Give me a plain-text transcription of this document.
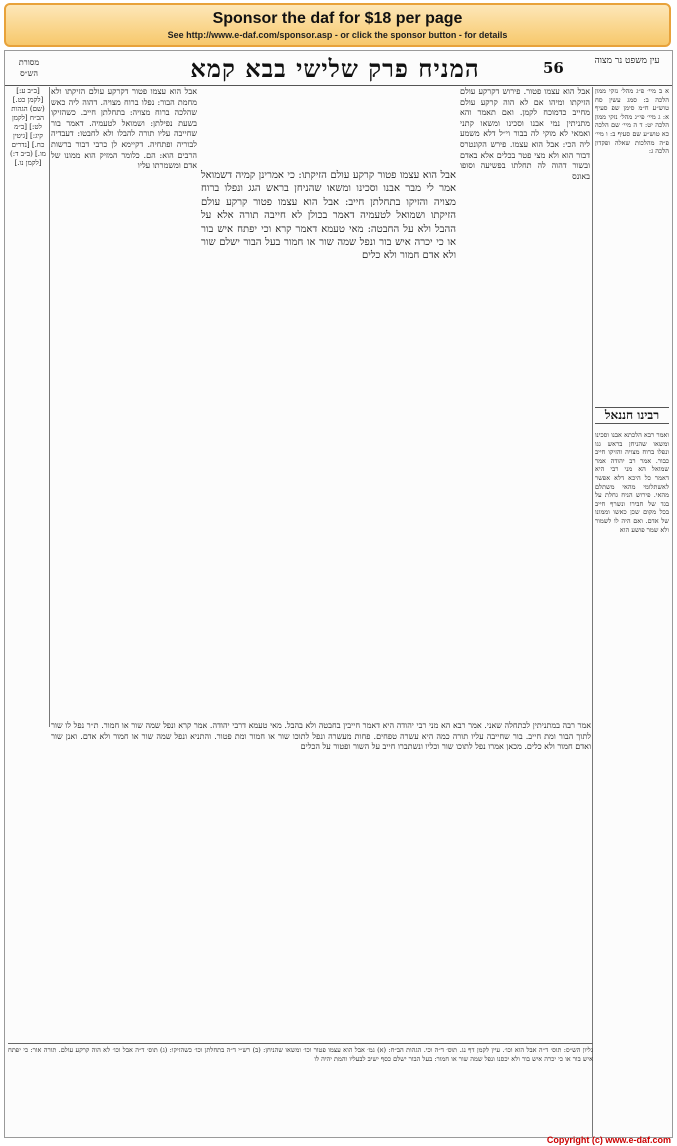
Sponsor the daf for $18 per page
See http://www.e-daf.com/sponsor.asp - or click the sponsor button - for details
מסורת הש״ס	המניח פרק שלישי בבא קמא	56	עין משפט נר מצוה
[ב״ב ע:] [לקמן כט.] (שם) הגהות הב״ח [לקמן לט:] [ב״מ קיג:] [גיטין כח.] [נדרים מו.] (ב״ב ד:) [לקמן נו.]
אבל הוא עצמו פטור דקרקע עולם הזיקתו ולא מחמת הבור: נפלו ברוח מצויה. דהוה ליה כאש שהלכה ברוח מצויה: בתחלתן חייב. כשהזיקו בשעת נפילתן: ושמואל לטעמיה. דאמר בור שחייבה עליו תורה להבלו ולא לחבטו: דעבדיה לבוריה ופתחיה. דקיימא לן כרבי דבור ברשות הרבים הוא: הם. כלומר המזיק הוא ממונו של אדם ומשמרתו עליו
אבל הוא עצמו פטור קרקע עולם הזיקתו: כי אמרינן קמיה דשמואל אמר לי מבר אבנו וסכינו ומשאו שהניחן בראש הגג ונפלו ברוח מצויה והזיקו בתחלתן חייב: אבל הוא עצמו פטור קרקע עולם הזיקתו ושמואל לטעמיה דאמר בכולן לא חייבה תורה אלא על ההבל ולא על החבטה: מאי טעמא דאמר קרא וכי יפתח איש בור או כי יכרה איש בור ונפל שמה שור או חמור בעל הבור ישלם שור ולא אדם חמור ולא כלים
אבל הוא עצמו פטור. פירוש דקרקע עולם הזיקתו ומיהו אם לא הוה קרקע עולם מחייב כדמוכח לקמן. ואם תאמר והא מתניתין נמי אבנו וסכינו ומשאו קתני ואמאי לא מוקי לה בבור וי״ל דלא משמע ליה הכי: אבל הוא עצמו. פירש הקונטרס דבור הוא ולא מצי פטר בכלים אלא באדם ובשור דהוה לה תחלתו בפשיעה וסופו באונס
א ב מיי׳ פ״ג מהל׳ נזקי ממון הלכה ב: סמג עשין סח טוש״ע ח״מ סימן שפ סעיף א: ג מיי׳ פי״ג מהל׳ נזקי ממון הלכה יט: ד ה מיי׳ שם הלכה כא טוש״ע שם סעיף ב: ו מיי׳ פ״ה מהלכות שאלה ופקדון הלכה ג:
ואמר רבא הלכתא אבנו וסכינו ומשאו שהניחן בראש גגו ונפלו ברוח מצויה והזיקו חייב כבור. אמר רב יהודה אמר שמואל הא מני רבי היא דאמר כל היכא דלא אפשר לאשתלומי מהאי משתלם מהאי. פירוש הניח גחלת על בגד של חבירו ונשרף חייב בכל מקום שכן כאשו וממונו של אדם. ואם היה לו לשמור ולא שמר פושע הוא
רבינו חננאל
אמר רבה במתניתין לכתחלה שאני. אמר רבא הא מני רבי יהודה היא דאמר חייבין בחבטה ולא בהבל. מאי טעמא דרבי יהודה. אמר קרא ונפל שמה שור או חמור. ת״ר נפל לו שור לתוך הבור ומת חייב. בור שחייבה עליו תורה כמה היא עשרה טפחים. פחות מעשרה ונפל לתוכו שור או חמור ומת פטור. והתניא ונפל שמה שור או חמור ולא אדם. ואנן שור ואדם חמור ולא כלים. מכאן אמרו נפל לתוכו שור וכליו ונשתברו חייב על השור ופטור על הכלים
גליון הש״ס: תוס׳ ד״ה אבל הוא וכו׳. עיין לקמן דף נג. תוס׳ ד״ה וכי. הגהות הב״ח: (א) גמ׳ אבל הוא עצמו פטור וכו׳ ומשאו שהניחן: (ב) רש״י ד״ה בתחלתן וכו׳ כשהזיקו: (ג) תוס׳ ד״ה אבל וכו׳ לא הוה קרקע עולם. תורה אור: כי יפתח איש בור או כי יכרה איש בור ולא יכסנו ונפל שמה שור או חמור: בעל הבור ישלם כסף ישיב לבעליו והמת יהיה לו
Copyright (c) www.e-daf.com
